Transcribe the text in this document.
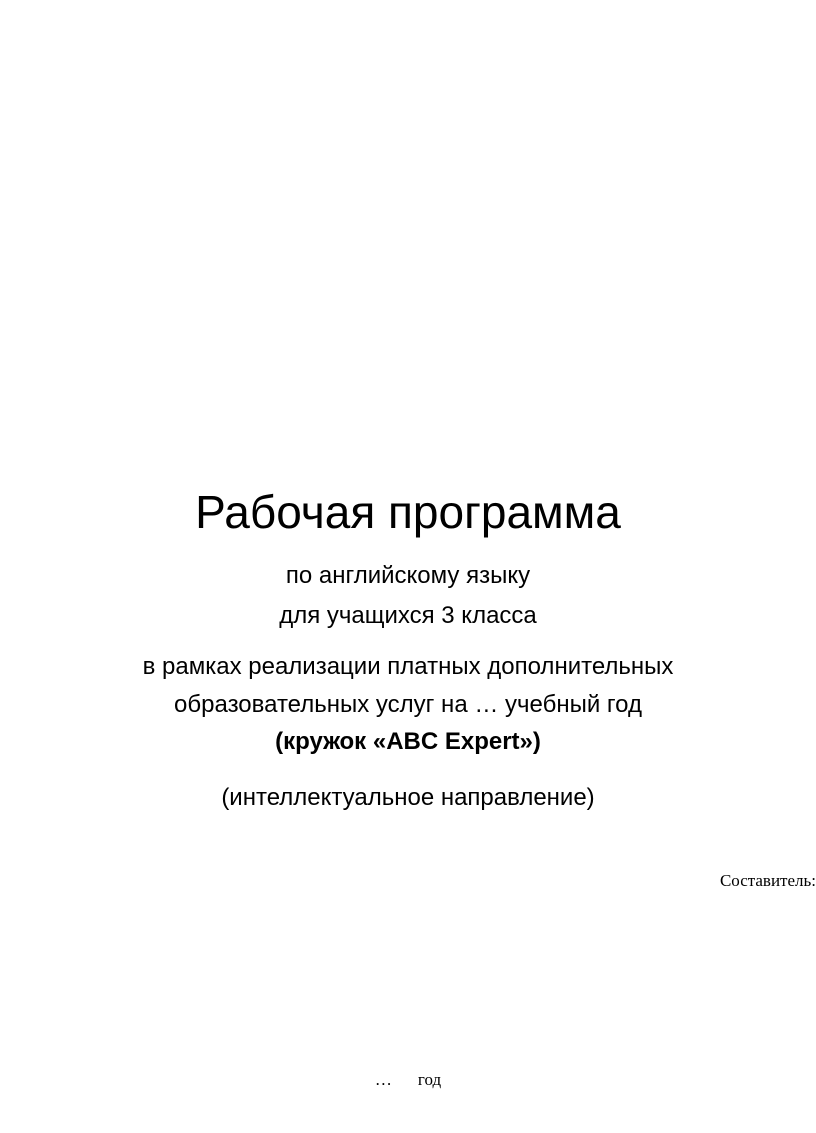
Рабочая программа
по английскому языку
для учащихся 3 класса
в рамках реализации платных дополнительных
образовательных услуг на … учебный год
(кружок «ABC Expert»)
(интеллектуальное направление)
Составитель:
… год
